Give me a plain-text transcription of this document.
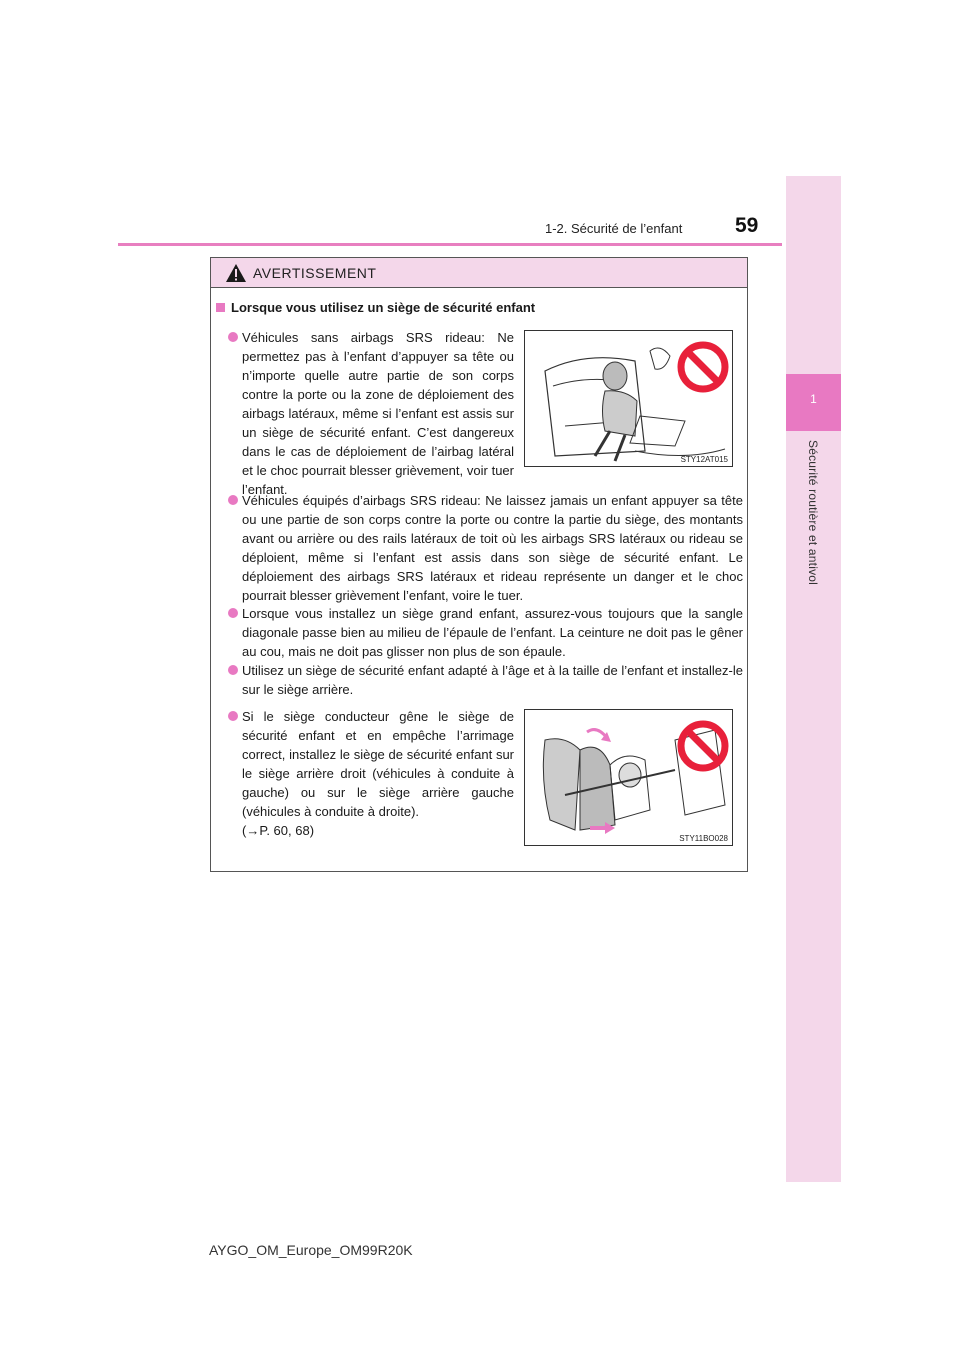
1-2. Sécurité de l’enfant	59
1
Sécurité routière et antivol
AVERTISSEMENT
Lorsque vous utilisez un siège de sécurité enfant
Véhicules sans airbags SRS rideau: Ne permettez pas à l’enfant d’appuyer sa tête ou n’importe quelle autre partie de son corps contre la porte ou la zone de déploiement des airbags latéraux, même si l’enfant est assis sur un siège de sécurité enfant. C’est dangereux dans le cas de déploiement de l’airbag latéral et le choc pourrait blesser grièvement, voir tuer l’enfant.
STY12AT015
Véhicules équipés d’airbags SRS rideau: Ne laissez jamais un enfant appuyer sa tête ou une partie de son corps contre la porte ou contre la partie du siège, des montants avant ou arrière ou des rails latéraux de toit où les airbags SRS latéraux ou rideau se déploient, même si l’enfant est assis dans son siège de sécurité enfant. Le déploiement des airbags SRS latéraux et rideau représente un danger et le choc pourrait blesser grièvement l’enfant, voire le tuer.
Lorsque vous installez un siège grand enfant, assurez-vous toujours que la sangle diagonale passe bien au milieu de l’épaule de l’enfant. La ceinture ne doit pas le gêner au cou, mais ne doit pas glisser non plus de son épaule.
Utilisez un siège de sécurité enfant adapté à l’âge et à la taille de l’enfant et installez-le sur le siège arrière.
Si le siège conducteur gêne le siège de sécurité enfant et en empêche l’arrimage correct, installez le siège de sécurité enfant sur le siège arrière droit (véhicules à conduite à gauche) ou sur le siège arrière gauche (véhicules à conduite à droite).
(→P. 60, 68)
STY11BO028
AYGO_OM_Europe_OM99R20K
